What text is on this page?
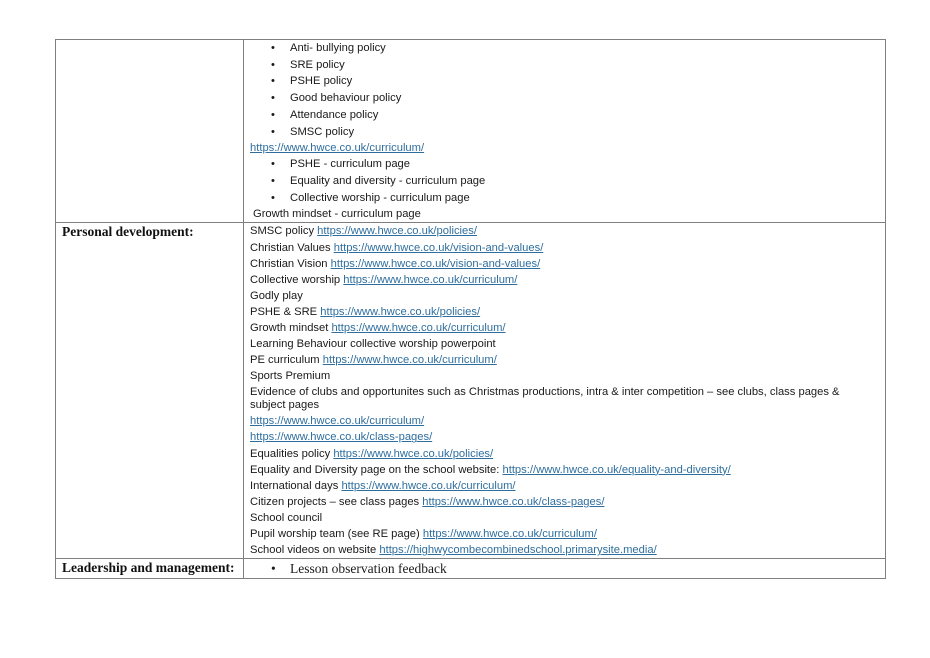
• Anti- bullying policy
• SRE policy
• PSHE policy
• Good behaviour policy
• Attendance policy
• SMSC policy
https://www.hwce.co.uk/curriculum/
• PSHE - curriculum page
• Equality and diversity - curriculum page
• Collective worship - curriculum page
Growth mindset - curriculum page

Personal development:	SMSC policy https://www.hwce.co.uk/policies/
Christian Values https://www.hwce.co.uk/vision-and-values/
Christian Vision https://www.hwce.co.uk/vision-and-values/
Collective worship https://www.hwce.co.uk/curriculum/
Godly play
PSHE & SRE https://www.hwce.co.uk/policies/
Growth mindset https://www.hwce.co.uk/curriculum/
Learning Behaviour collective worship powerpoint
PE curriculum https://www.hwce.co.uk/curriculum/
Sports Premium
Evidence of clubs and opportunites such as Christmas productions, intra & inter competition – see clubs, class pages & subject pages
https://www.hwce.co.uk/curriculum/
https://www.hwce.co.uk/class-pages/
Equalities policy https://www.hwce.co.uk/policies/
Equality and Diversity page on the school website: https://www.hwce.co.uk/equality-and-diversity/
International days https://www.hwce.co.uk/curriculum/
Citizen projects – see class pages https://www.hwce.co.uk/class-pages/
School council
Pupil worship team (see RE page) https://www.hwce.co.uk/curriculum/
School videos on website https://highwycombecombinedschool.primarysite.media/

Leadership and management:	• Lesson observation feedback
